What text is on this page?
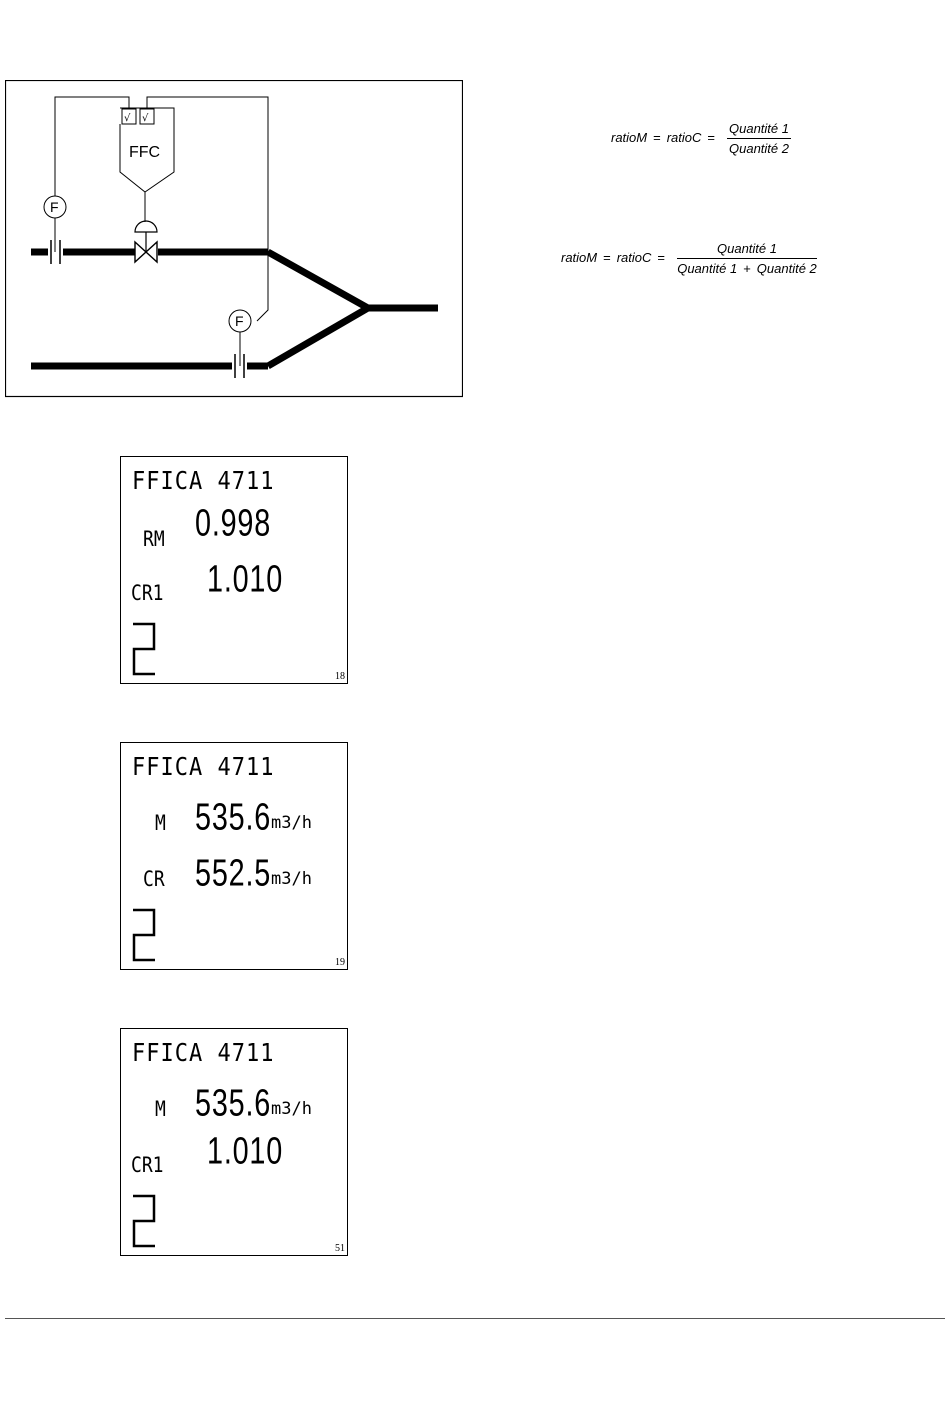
√ √
FFC
F
F
ratioM = ratioC = $\frac{\text{Quantité 1}}{\text{Quantité 2}}$
ratioM = ratioC = $\frac{\text{Quantité 1}}{\text{Quantité 1 + Quantité 2}}$
FFICA 4711
RM 0.998
CR1 1.010
18
FFICA 4711
M 535.6 m3/h
CR 552.5 m3/h
19
FFICA 4711
M 535.6 m3/h
CR1 1.010
51
